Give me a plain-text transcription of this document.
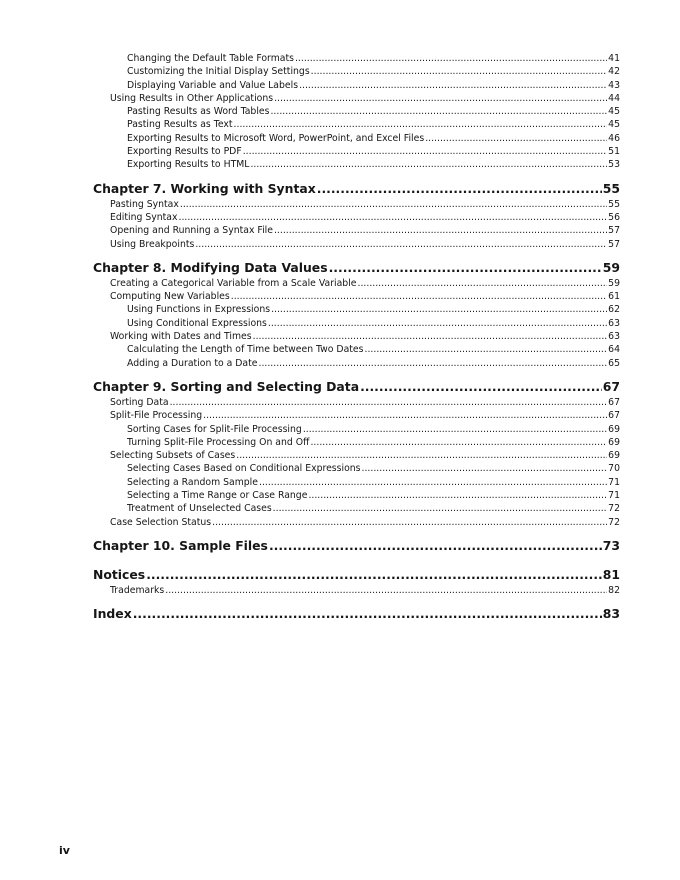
Changing the Default Table Formats .....	41
Customizing the Initial Display Settings .....	42
Displaying Variable and Value Labels .....	43
Using Results in Other Applications .....	44
Pasting Results as Word Tables .....	45
Pasting Results as Text .....	45
Exporting Results to Microsoft Word, PowerPoint, and Excel Files .....	46
Exporting Results to PDF .....	51
Exporting Results to HTML .....	53
Chapter 7. Working with Syntax .....	55
Pasting Syntax .....	55
Editing Syntax .....	56
Opening and Running a Syntax File .....	57
Using Breakpoints .....	57
Chapter 8. Modifying Data Values .....	59
Creating a Categorical Variable from a Scale Variable .....	59
Computing New Variables .....	61
Using Functions in Expressions .....	62
Using Conditional Expressions .....	63
Working with Dates and Times .....	63
Calculating the Length of Time between Two Dates .....	64
Adding a Duration to a Date .....	65
Chapter 9. Sorting and Selecting Data .....	67
Sorting Data .....	67
Split-File Processing .....	67
Sorting Cases for Split-File Processing .....	69
Turning Split-File Processing On and Off .....	69
Selecting Subsets of Cases .....	69
Selecting Cases Based on Conditional Expressions .....	70
Selecting a Random Sample .....	71
Selecting a Time Range or Case Range .....	71
Treatment of Unselected Cases .....	72
Case Selection Status .....	72
Chapter 10. Sample Files .....	73
Notices .....	81
Trademarks .....	82
Index .....	83
iv
